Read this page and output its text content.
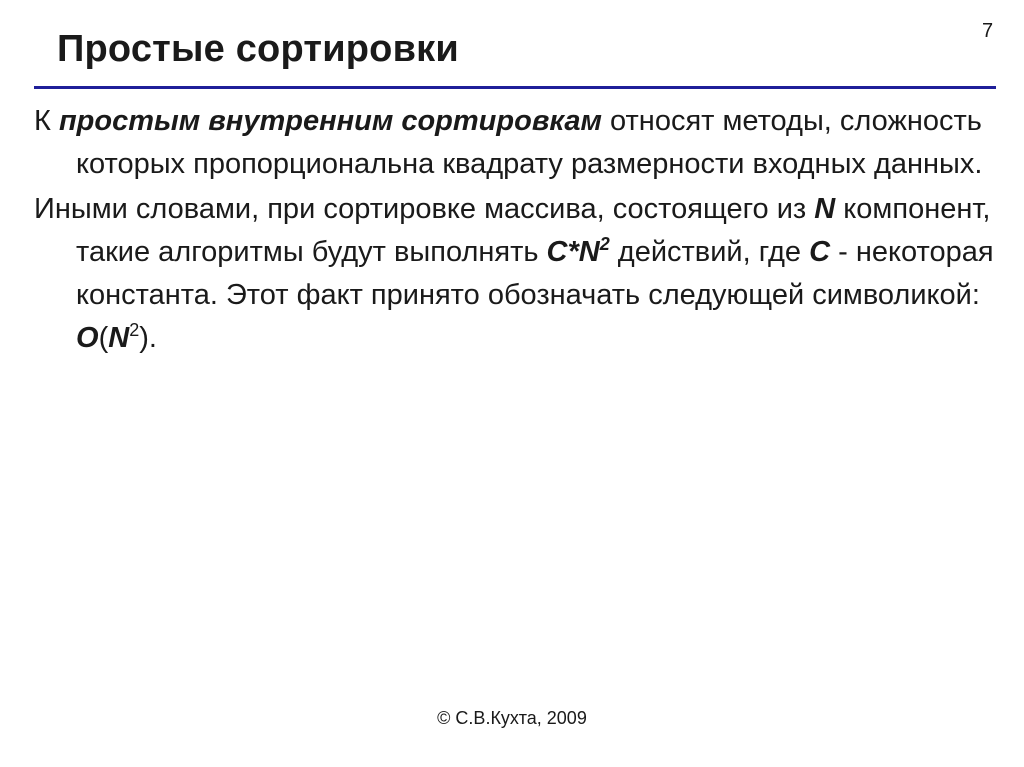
7
Простые сортировки

К простым внутренним сортировкам относят методы, сложность которых пропорциональна квадрату размерности входных данных.

Иными словами, при сортировке массива, состоящего из N компонент, такие алгоритмы будут выполнять $C*N^2$ действий, где C - некоторая константа. Этот факт принято обозначать следующей символикой: $O(N^2)$.

© С.В.Кухта, 2009
